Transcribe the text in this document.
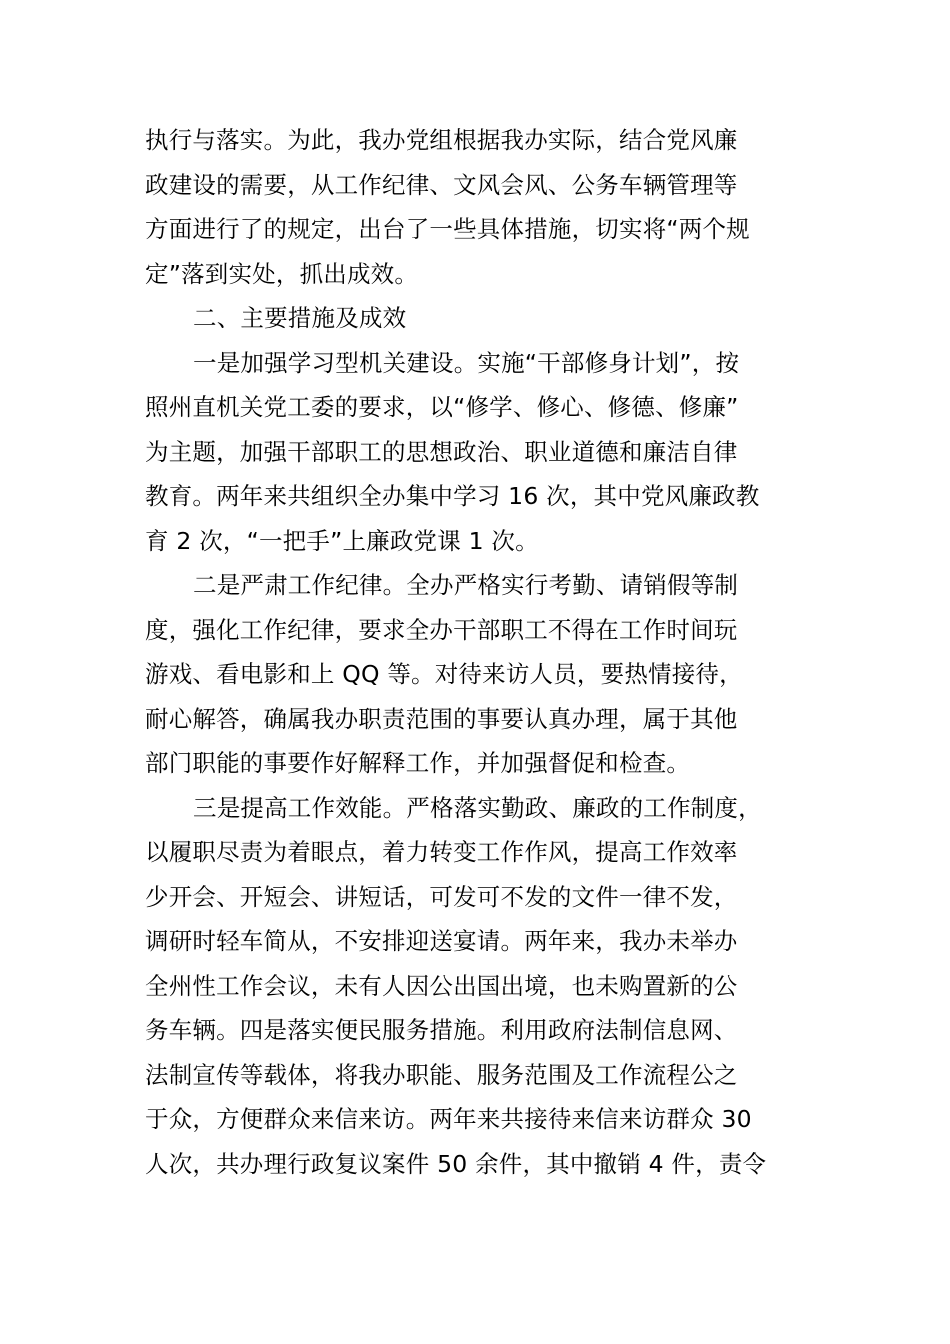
执行与落实。为此，我办党组根据我办实际，结合党风廉
政建设的需要，从工作纪律、文风会风、公务车辆管理等
方面进行了的规定，出台了一些具体措施，切实将“两个规
定”落到实处，抓出成效。
二、主要措施及成效
一是加强学习型机关建设。实施“干部修身计划”，按
照州直机关党工委的要求，以“修学、修心、修德、修廉”
为主题，加强干部职工的思想政治、职业道德和廉洁自律
教育。两年来共组织全办集中学习 16 次，其中党风廉政教
育 2 次，“一把手”上廉政党课 1 次。
二是严肃工作纪律。全办严格实行考勤、请销假等制
度，强化工作纪律，要求全办干部职工不得在工作时间玩
游戏、看电影和上 QQ 等。对待来访人员，要热情接待，
耐心解答，确属我办职责范围的事要认真办理，属于其他
部门职能的事要作好解释工作，并加强督促和检查。
三是提高工作效能。严格落实勤政、廉政的工作制度，
以履职尽责为着眼点，着力转变工作作风，提高工作效率
少开会、开短会、讲短话，可发可不发的文件一律不发，
调研时轻车简从，不安排迎送宴请。两年来，我办未举办
全州性工作会议，未有人因公出国出境，也未购置新的公
务车辆。四是落实便民服务措施。利用政府法制信息网、
法制宣传等载体，将我办职能、服务范围及工作流程公之
于众，方便群众来信来访。两年来共接待来信来访群众 30
人次，共办理行政复议案件 50 余件，其中撤销 4 件，责令
